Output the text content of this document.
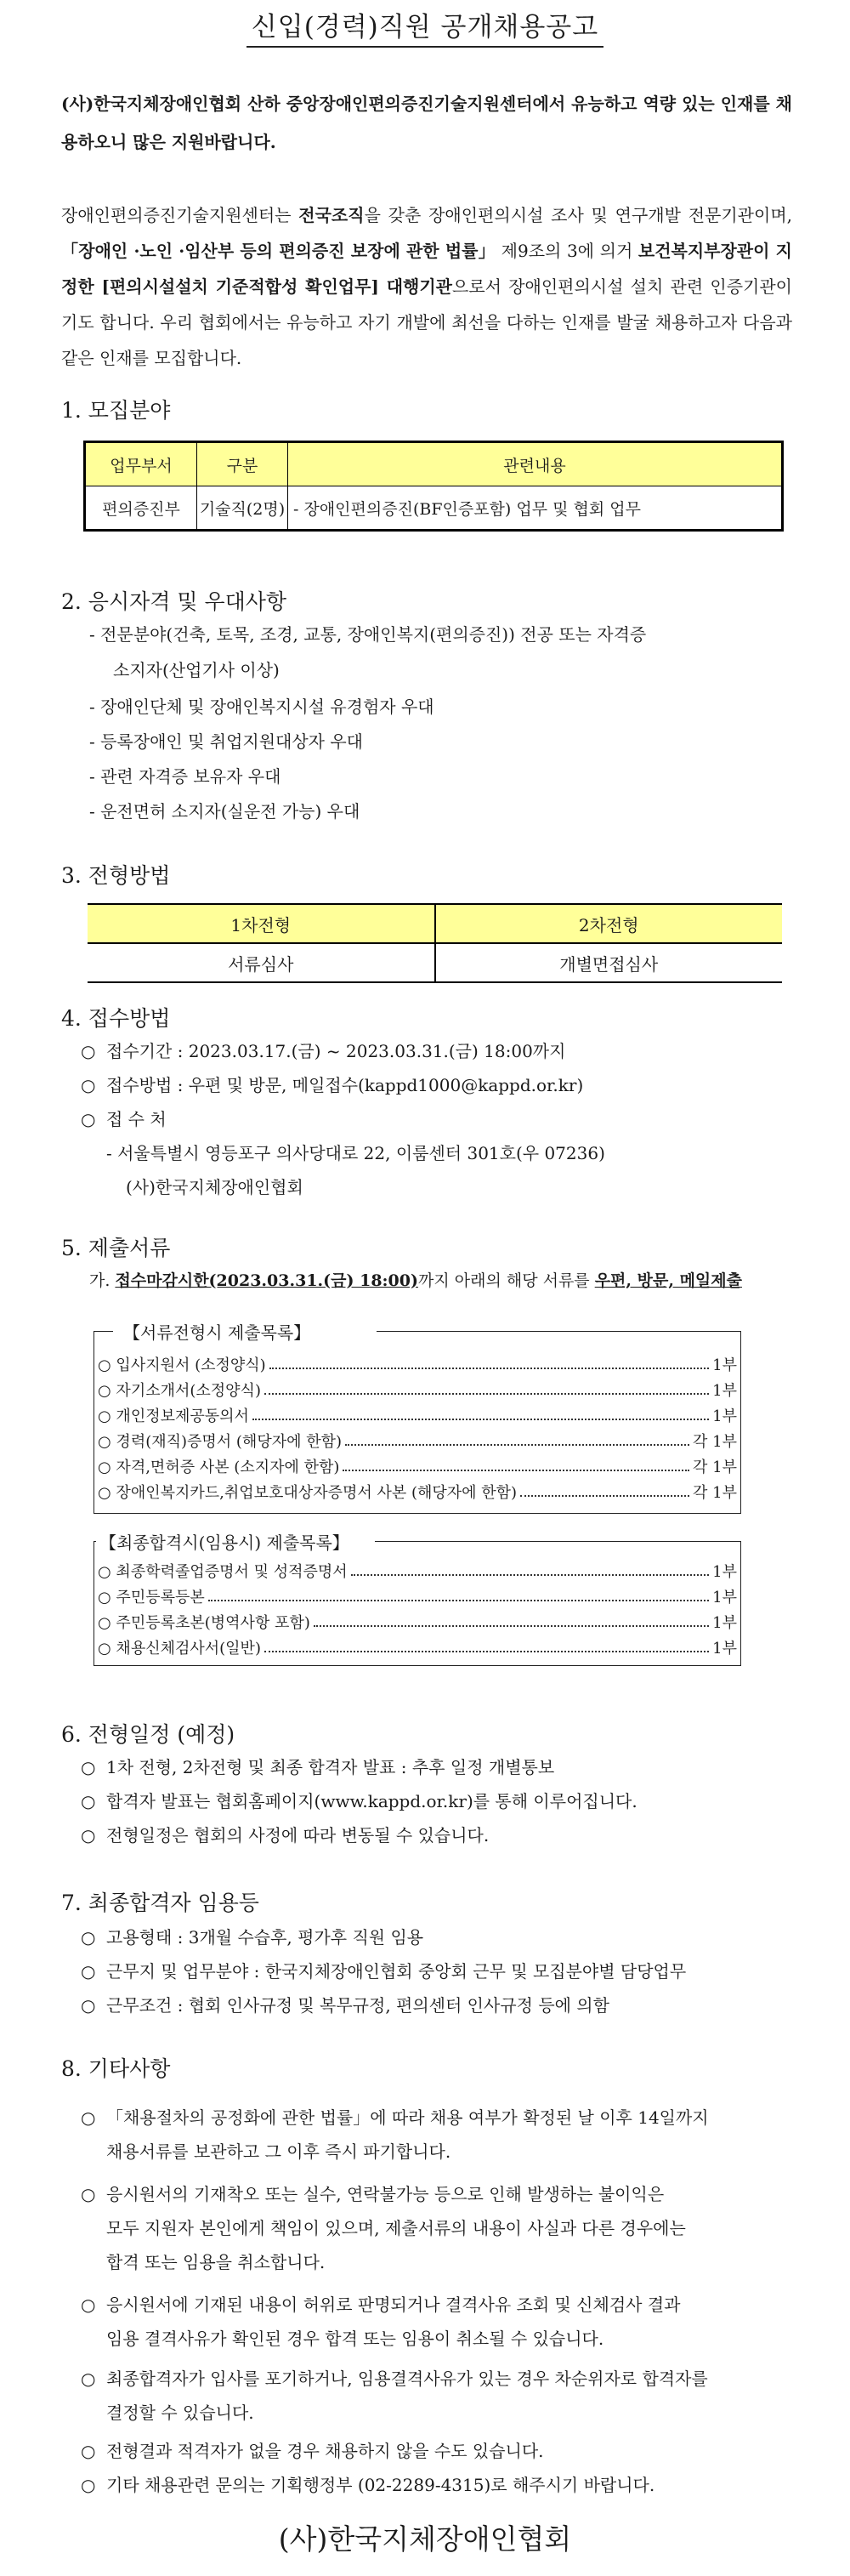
신입(경력)직원 공개채용공고
(사)한국지체장애인협회 산하 중앙장애인편의증진기술지원센터에서 유능하고 역량 있는 인재를 채용하오니 많은 지원바랍니다.
장애인편의증진기술지원센터는 전국조직을 갖춘 장애인편의시설 조사 및 연구개발 전문기관이며, 「장애인 ·노인 ·임산부 등의 편의증진 보장에 관한 법률」 제9조의 3에 의거 보건복지부장관이 지정한 [편의시설설치 기준적합성 확인업무] 대행기관으로서 장애인편의시설 설치 관련 인증기관이기도 합니다. 우리 협회에서는 유능하고 자기 개발에 최선을 다하는 인재를 발굴 채용하고자 다음과 같은 인재를 모집합니다.
1. 모집분야
업무부서	구분	관련내용
편의증진부	기술직(2명)	- 장애인편의증진(BF인증포함) 업무 및 협회 업무
2. 응시자격 및 우대사항
- 전문분야(건축, 토목, 조경, 교통, 장애인복지(편의증진)) 전공 또는 자격증
소지자(산업기사 이상)
- 장애인단체 및 장애인복지시설 유경험자 우대
- 등록장애인 및 취업지원대상자 우대
- 관련 자격증 보유자 우대
- 운전면허 소지자(실운전 가능) 우대
3. 전형방법
1차전형	2차전형
서류심사	개별면접심사
4. 접수방법
○ 접수기간 : 2023.03.17.(금) ~ 2023.03.31.(금) 18:00까지
○ 접수방법 : 우편 및 방문, 메일접수(kappd1000@kappd.or.kr)
○ 접 수 처
- 서울특별시 영등포구 의사당대로 22, 이룸센터 301호(우 07236)
(사)한국지체장애인협회
5. 제출서류
가. 접수마감시한(2023.03.31.(금) 18:00)까지 아래의 해당 서류를 우편, 방문, 메일제출
【서류전형시 제출목록】
○ 입사지원서 (소정양식)	1부
○ 자기소개서(소정양식)	1부
○ 개인정보제공동의서	1부
○ 경력(재직)증명서 (해당자에 한함)	각 1부
○ 자격,면허증 사본 (소지자에 한함)	각 1부
○ 장애인복지카드,취업보호대상자증명서 사본 (해당자에 한함)	각 1부
【최종합격시(임용시) 제출목록】
○ 최종학력졸업증명서 및 성적증명서	1부
○ 주민등록등본	1부
○ 주민등록초본(병역사항 포함)	1부
○ 채용신체검사서(일반)	1부
6. 전형일정 (예정)
○ 1차 전형, 2차전형 및 최종 합격자 발표 : 추후 일정 개별통보
○ 합격자 발표는 협회홈페이지(www.kappd.or.kr)를 통해 이루어집니다.
○ 전형일정은 협회의 사정에 따라 변동될 수 있습니다.
7. 최종합격자 임용등
○ 고용형태 : 3개월 수습후, 평가후 직원 임용
○ 근무지 및 업무분야 : 한국지체장애인협회 중앙회 근무 및 모집분야별 담당업무
○ 근무조건 : 협회 인사규정 및 복무규정, 편의센터 인사규정 등에 의함
8. 기타사항
○ 「채용절차의 공정화에 관한 법률」에 따라 채용 여부가 확정된 날 이후 14일까지
채용서류를 보관하고 그 이후 즉시 파기합니다.
○ 응시원서의 기재착오 또는 실수, 연락불가능 등으로 인해 발생하는 불이익은
모두 지원자 본인에게 책임이 있으며, 제출서류의 내용이 사실과 다른 경우에는
합격 또는 임용을 취소합니다.
○ 응시원서에 기재된 내용이 허위로 판명되거나 결격사유 조회 및 신체검사 결과
임용 결격사유가 확인된 경우 합격 또는 임용이 취소될 수 있습니다.
○ 최종합격자가 입사를 포기하거나, 임용결격사유가 있는 경우 차순위자로 합격자를
결정할 수 있습니다.
○ 전형결과 적격자가 없을 경우 채용하지 않을 수도 있습니다.
○ 기타 채용관련 문의는 기획행정부 (02-2289-4315)로 해주시기 바랍니다.
(사)한국지체장애인협회
